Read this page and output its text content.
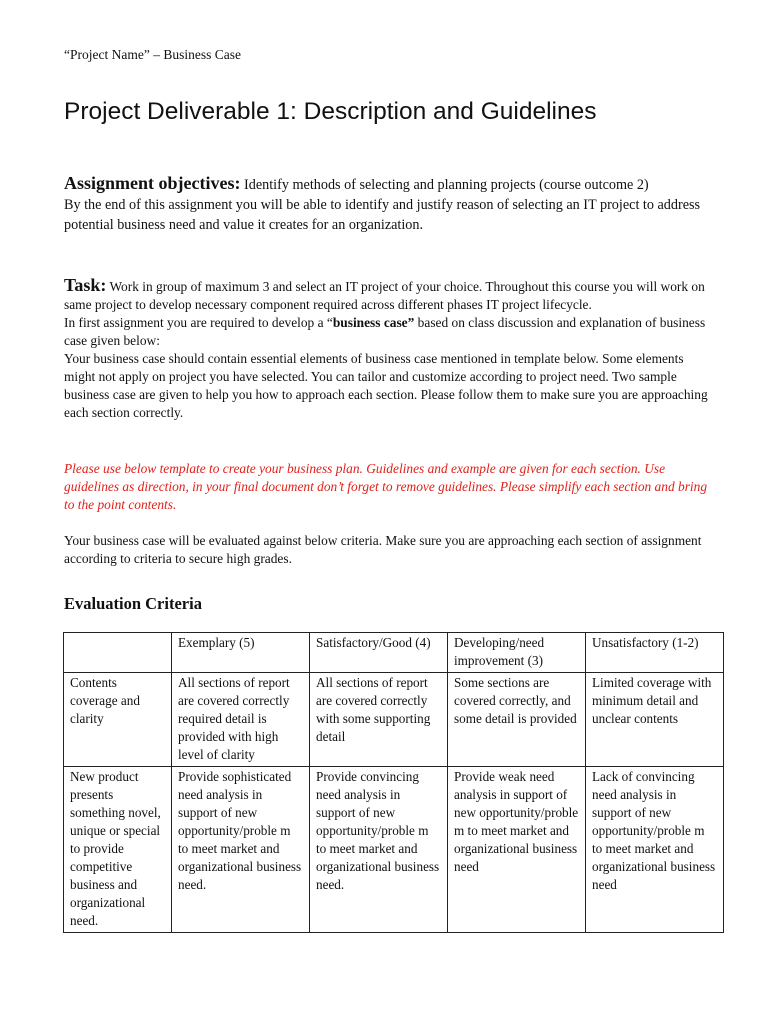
“Project Name” – Business Case
Project Deliverable 1: Description and Guidelines
Assignment objectives: Identify methods of selecting and planning projects (course outcome 2)
By the end of this assignment you will be able to identify and justify reason of selecting an IT project to address potential business need and value it creates for an organization.
Task: Work in group of maximum 3 and select an IT project of your choice. Throughout this course you will work on same project to develop necessary component required across different phases IT project lifecycle.
In first assignment you are required to develop a “business case” based on class discussion and explanation of business case given below:
Your business case should contain essential elements of business case mentioned in template below. Some elements might not apply on project you have selected. You can tailor and customize according to project need. Two sample business case are given to help you how to approach each section. Please follow them to make sure you are approaching each section correctly.
Please use below template to create your business plan. Guidelines and example are given for each section. Use guidelines as direction, in your final document don’t forget to remove guidelines. Please simplify each section and bring to the point contents.
Your business case will be evaluated against below criteria. Make sure you are approaching each section of assignment according to criteria to secure high grades.
Evaluation Criteria
	Exemplary (5)	Satisfactory/Good (4)	Developing/need improvement (3)	Unsatisfactory (1-2)
Contents coverage and clarity	All sections of report are covered correctly required detail is provided with high level of clarity	All sections of report are covered correctly with some supporting detail	Some sections are covered correctly, and some detail is provided	Limited coverage with minimum detail and unclear contents
New product presents something novel, unique or special to provide competitive business and organizational need.	Provide sophisticated need analysis in support of new opportunity/proble m to meet market and organizational business need.	Provide convincing need analysis in support of new opportunity/proble m to meet market and organizational business need.	Provide weak need analysis in support of new opportunity/proble m to meet market and organizational business need	Lack of convincing need analysis in support of new opportunity/proble m to meet market and organizational business need
